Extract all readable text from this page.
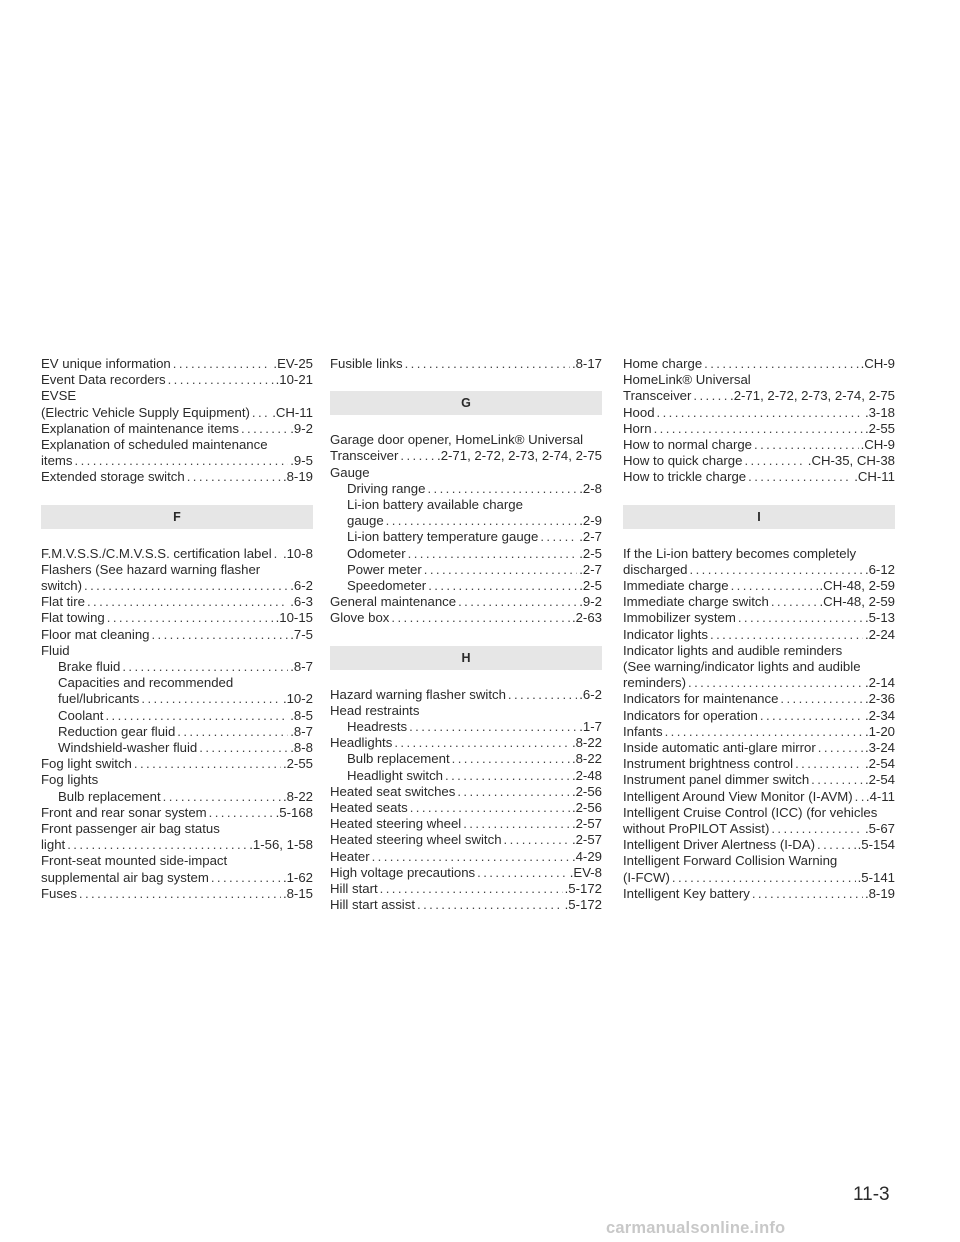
EV unique information .....	.EV-25
Event Data recorders .....	.10-21
EVSE
(Electric Vehicle Supply Equipment) ..... .CH-11
Explanation of maintenance items .....	.9-2
Explanation of scheduled maintenance
items .....	.9-5
Extended storage switch .....	.8-19
F
F.M.V.S.S./C.M.V.S.S. certification label ..... .10-8
Flashers (See hazard warning flasher
switch) .....	.6-2
Flat tire .....	.6-3
Flat towing .....	.10-15
Floor mat cleaning .....	.7-5
Fluid
Brake fluid .....	.8-7
Capacities and recommended
fuel/lubricants .....	.10-2
Coolant .....	.8-5
Reduction gear fluid .....	.8-7
Windshield-washer fluid .....	.8-8
Fog light switch .....	.2-55
Fog lights
Bulb replacement .....	.8-22
Front and rear sonar system .....	.5-168
Front passenger air bag status
light .....	.1-56, 1-58
Front-seat mounted side-impact
supplemental air bag system .....	.1-62
Fuses .....	.8-15
Fusible links .....	.8-17
G
Garage door opener, HomeLink® Universal
Transceiver .....	.2-71, 2-72, 2-73, 2-74, 2-75
Gauge
Driving range .....	.2-8
Li-ion battery available charge
gauge .....	.2-9
Li-ion battery temperature gauge .....	.2-7
Odometer .....	.2-5
Power meter .....	.2-7
Speedometer .....	.2-5
General maintenance .....	.9-2
Glove box .....	.2-63
H
Hazard warning flasher switch .....	.6-2
Head restraints
Headrests .....	.1-7
Headlights .....	.8-22
Bulb replacement .....	.8-22
Headlight switch .....	.2-48
Heated seat switches .....	.2-56
Heated seats .....	.2-56
Heated steering wheel .....	.2-57
Heated steering wheel switch .....	.2-57
Heater .....	.4-29
High voltage precautions .....	.EV-8
Hill start .....	.5-172
Hill start assist .....	.5-172
Home charge .....	.CH-9
HomeLink® Universal
Transceiver .....	.2-71, 2-72, 2-73, 2-74, 2-75
Hood .....	.3-18
Horn .....	.2-55
How to normal charge .....	.CH-9
How to quick charge .....	.CH-35, CH-38
How to trickle charge .....	.CH-11
I
If the Li-ion battery becomes completely
discharged .....	.6-12
Immediate charge .....	.CH-48, 2-59
Immediate charge switch .....	.CH-48, 2-59
Immobilizer system .....	.5-13
Indicator lights .....	.2-24
Indicator lights and audible reminders
(See warning/indicator lights and audible
reminders) .....	.2-14
Indicators for maintenance .....	.2-36
Indicators for operation .....	.2-34
Infants .....	.1-20
Inside automatic anti-glare mirror .....	.3-24
Instrument brightness control .....	.2-54
Instrument panel dimmer switch .....	.2-54
Intelligent Around View Monitor (I-AVM) ..... .4-11
Intelligent Cruise Control (ICC) (for vehicles
without ProPILOT Assist) .....	.5-67
Intelligent Driver Alertness (I-DA) .....	.5-154
Intelligent Forward Collision Warning
(I-FCW) .....	.5-141
Intelligent Key battery .....	.8-19
11-3
carmanualsonline.info
